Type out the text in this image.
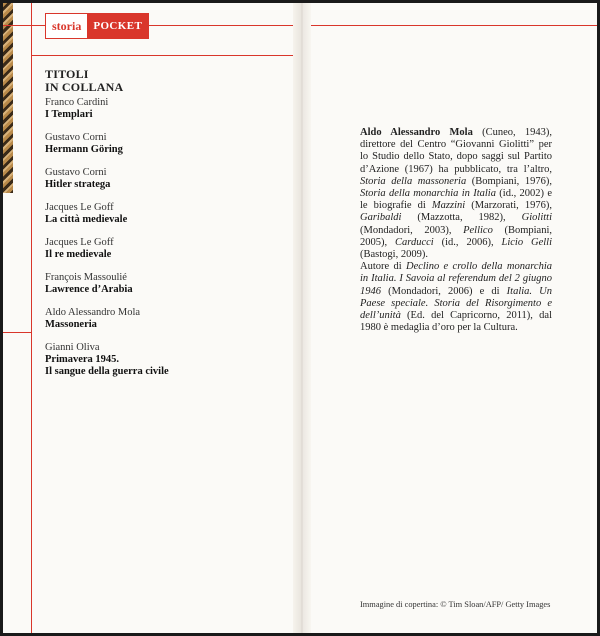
storia	POCKET
TITOLI
IN COLLANA
Franco Cardini
I Templari
Gustavo Corni
Hermann Göring
Gustavo Corni
Hitler stratega
Jacques Le Goff
La città medievale
Jacques Le Goff
Il re medievale
François Massoulié
Lawrence d’Arabia
Aldo Alessandro Mola
Massoneria
Gianni Oliva
Primavera 1945.
Il sangue della guerra civile

Aldo Alessandro Mola (Cuneo, 1943), direttore del Centro “Giovanni Giolitti” per lo Studio dello Stato, dopo saggi sul Partito d’Azione (1967) ha pubblicato, tra l’altro, Storia della massoneria (Bompiani, 1976), Storia della monarchia in Italia (id., 2002) e le biografie di Mazzini (Marzorati, 1976), Garibaldi (Mazzotta, 1982), Giolitti (Mondadori, 2003), Pellico (Bompiani, 2005), Carducci (id., 2006), Licio Gelli (Bastogi, 2009).

Autore di Declino e crollo della monarchia in Italia. I Savoia al referendum del 2 giugno 1946 (Mondadori, 2006) e di Italia. Un Paese speciale. Storia del Risorgimento e dell’unità (Ed. del Capricorno, 2011), dal 1980 è medaglia d’oro per la Cultura.

Immagine di copertina: © Tim Sloan/AFP/ Getty Images
